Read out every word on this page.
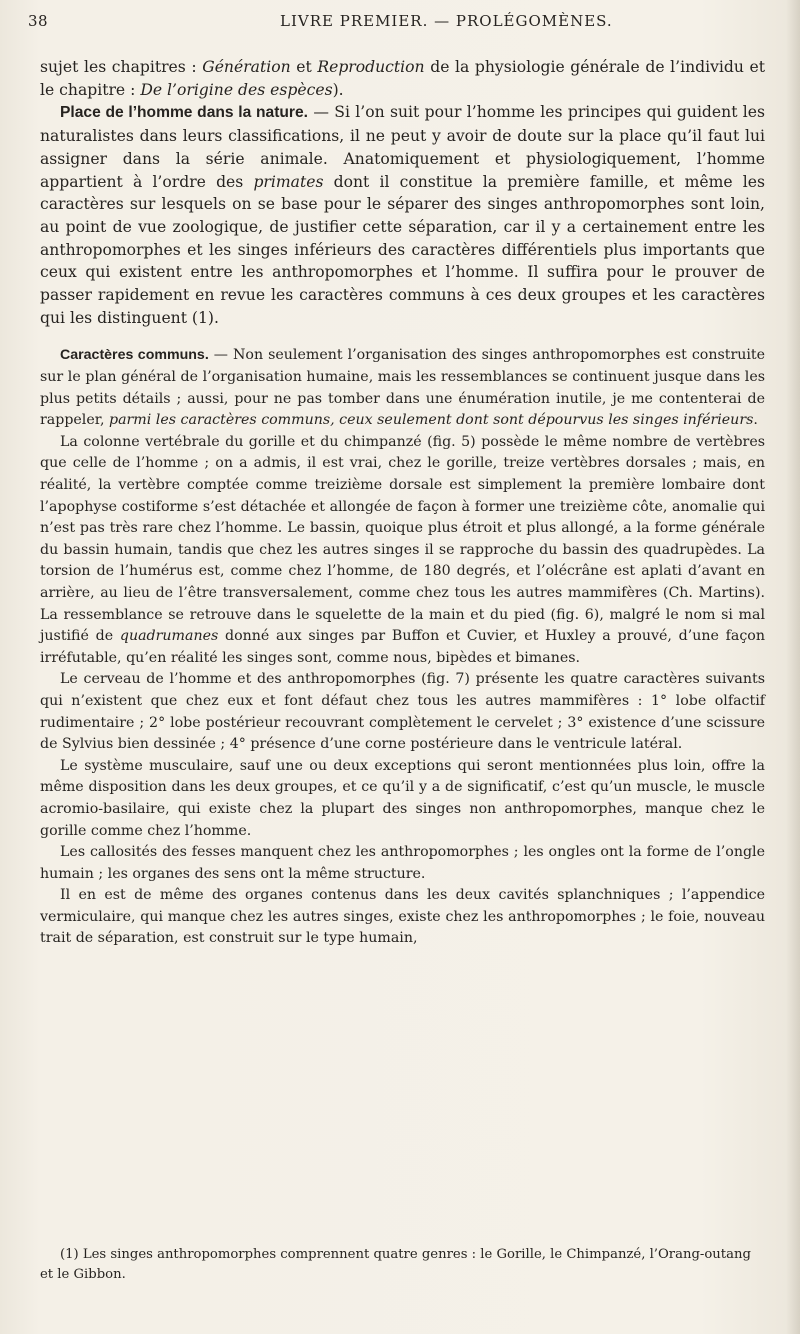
38	LIVRE PREMIER. — PROLÉGOMÈNES.

sujet les chapitres : Génération et Reproduction de la physiologie générale de l’individu et le chapitre : De l’origine des espèces).

Place de l’homme dans la nature. — Si l’on suit pour l’homme les principes qui guident les naturalistes dans leurs classifications, il ne peut y avoir de doute sur la place qu’il faut lui assigner dans la série animale. Anatomiquement et physiologiquement, l’homme appartient à l’ordre des primates dont il constitue la première famille, et même les caractères sur lesquels on se base pour le séparer des singes anthropomorphes sont loin, au point de vue zoologique, de justifier cette séparation, car il y a certainement entre les anthropomorphes et les singes inférieurs des caractères différentiels plus importants que ceux qui existent entre les anthropomorphes et l’homme. Il suffira pour le prouver de passer rapidement en revue les caractères communs à ces deux groupes et les caractères qui les distinguent (1).

Caractères communs. — Non seulement l’organisation des singes anthropomorphes est construite sur le plan général de l’organisation humaine, mais les ressemblances se continuent jusque dans les plus petits détails ; aussi, pour ne pas tomber dans une énumération inutile, je me contenterai de rappeler, parmi les caractères communs, ceux seulement dont sont dépourvus les singes inférieurs.

La colonne vertébrale du gorille et du chimpanzé (fig. 5) possède le même nombre de vertèbres que celle de l’homme ; on a admis, il est vrai, chez le gorille, treize vertèbres dorsales ; mais, en réalité, la vertèbre comptée comme treizième dorsale est simplement la première lombaire dont l’apophyse costiforme s’est détachée et allongée de façon à former une treizième côte, anomalie qui n’est pas très rare chez l’homme. Le bassin, quoique plus étroit et plus allongé, a la forme générale du bassin humain, tandis que chez les autres singes il se rapproche du bassin des quadrupèdes. La torsion de l’humérus est, comme chez l’homme, de 180 degrés, et l’olécrâne est aplati d’avant en arrière, au lieu de l’être transversalement, comme chez tous les autres mammifères (Ch. Martins). La ressemblance se retrouve dans le squelette de la main et du pied (fig. 6), malgré le nom si mal justifié de quadrumanes donné aux singes par Buffon et Cuvier, et Huxley a prouvé, d’une façon irréfutable, qu’en réalité les singes sont, comme nous, bipèdes et bimanes.

Le cerveau de l’homme et des anthropomorphes (fig. 7) présente les quatre caractères suivants qui n’existent que chez eux et font défaut chez tous les autres mammifères : 1° lobe olfactif rudimentaire ; 2° lobe postérieur recouvrant complètement le cervelet ; 3° existence d’une scissure de Sylvius bien dessinée ; 4° présence d’une corne postérieure dans le ventricule latéral.

Le système musculaire, sauf une ou deux exceptions qui seront mentionnées plus loin, offre la même disposition dans les deux groupes, et ce qu’il y a de significatif, c’est qu’un muscle, le muscle acromio-basilaire, qui existe chez la plupart des singes non anthropomorphes, manque chez le gorille comme chez l’homme.

Les callosités des fesses manquent chez les anthropomorphes ; les ongles ont la forme de l’ongle humain ; les organes des sens ont la même structure.

Il en est de même des organes contenus dans les deux cavités splanchniques ; l’appendice vermiculaire, qui manque chez les autres singes, existe chez les anthropomorphes ; le foie, nouveau trait de séparation, est construit sur le type humain,

(1) Les singes anthropomorphes comprennent quatre genres : le Gorille, le Chimpanzé, l’Orang-outang et le Gibbon.
